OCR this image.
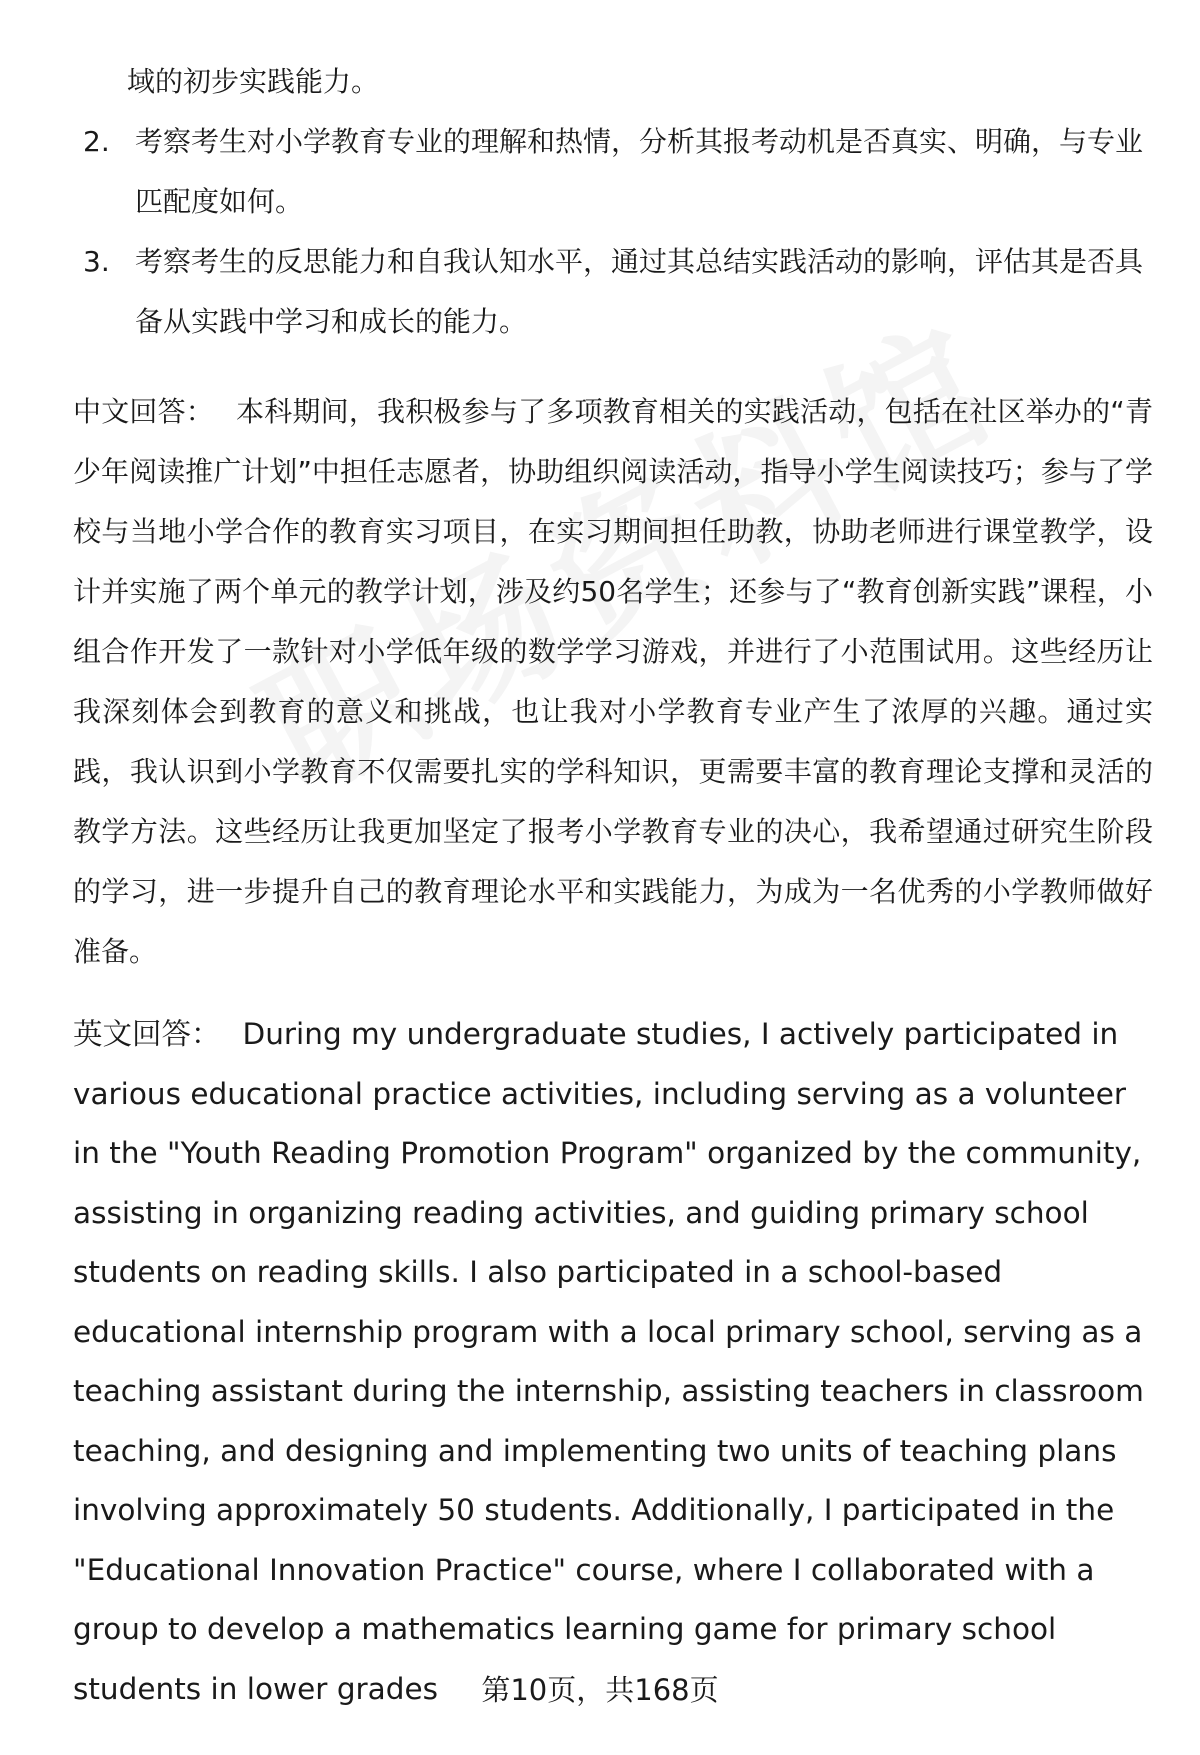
域的初步实践能力。
2. 考察考生对小学教育专业的理解和热情，分析其报考动机是否真实、明确，与专业匹配度如何。
3. 考察考生的反思能力和自我认知水平，通过其总结实践活动的影响，评估其是否具备从实践中学习和成长的能力。
中文回答： 本科期间，我积极参与了多项教育相关的实践活动，包括在社区举办的“青少年阅读推广计划”中担任志愿者，协助组织阅读活动，指导小学生阅读技巧；参与了学校与当地小学合作的教育实习项目，在实习期间担任助教，协助老师进行课堂教学，设计并实施了两个单元的教学计划，涉及约50名学生；还参与了“教育创新实践”课程，小组合作开发了一款针对小学低年级的数学学习游戏，并进行了小范围试用。这些经历让我深刻体会到教育的意义和挑战，也让我对小学教育专业产生了浓厚的兴趣。通过实践，我认识到小学教育不仅需要扎实的学科知识，更需要丰富的教育理论支撑和灵活的教学方法。这些经历让我更加坚定了报考小学教育专业的决心，我希望通过研究生阶段的学习，进一步提升自己的教育理论水平和实践能力，为成为一名优秀的小学教师做好准备。
英文回答： During my undergraduate studies, I actively participated in various educational practice activities, including serving as a volunteer in the "Youth Reading Promotion Program" organized by the community, assisting in organizing reading activities, and guiding primary school students on reading skills. I also participated in a school-based educational internship program with a local primary school, serving as a teaching assistant during the internship, assisting teachers in classroom teaching, and designing and implementing two units of teaching plans involving approximately 50 students. Additionally, I participated in the "Educational Innovation Practice" course, where I collaborated with a group to develop a mathematics learning game for primary school students in lower grades	第10页，共168页
